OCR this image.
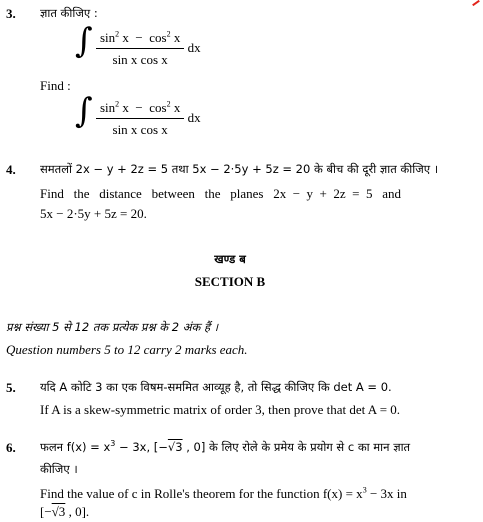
3. ज्ञात कीजिए :
∫ $\frac{\sin^2 x - \cos^2 x}{\text{sin x cos x}}$ dx
Find :
∫ $\frac{\sin^2 x - \cos^2 x}{\text{sin x cos x}}$ dx
4. समतलों 2x − y + 2z = 5 तथा 5x − 2·5y + 5z = 20 के बीच की दूरी ज्ञात कीजिए ।
Find   the   distance   between   the   planes   2x  −  y  +  2z  =  5   and
5x − 2·5y + 5z = 20.
खण्ड ब
SECTION B
प्रश्न संख्या 5 से 12 तक प्रत्येक प्रश्न के 2 अंक हैं ।
Question numbers 5 to 12 carry 2 marks each.
5. यदि A कोटि 3 का एक विषम-सममित आव्यूह है, तो सिद्ध कीजिए कि det A = 0.
If A is a skew-symmetric matrix of order 3, then prove that det A = 0.
6. फलन $f(x) = x^3 - 3x$, [−√3 , 0] के लिए रोले के प्रमेय के प्रयोग से c का मान ज्ञात
कीजिए ।
Find the value of c in Rolle's theorem for the function $f(x) = x^3 - 3x$ in
[−√3 , 0].
